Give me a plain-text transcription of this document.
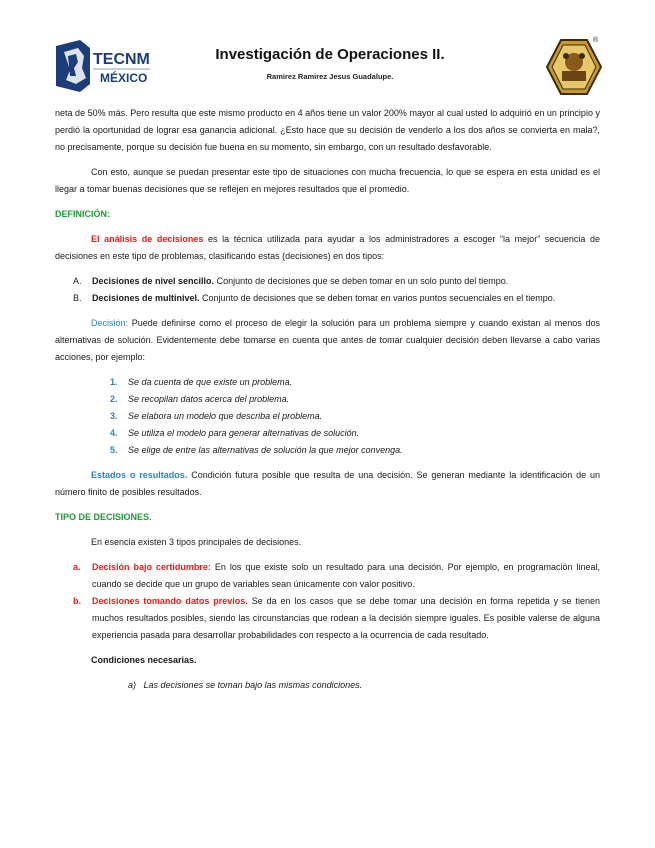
TECNM
MÉXICO
Investigación de Operaciones II.
Ramirez Ramirez Jesus Guadalupe.
®

neta de 50% más. Pero resulta que este mismo producto en 4 años tiene un valor 200% mayor al cual usted lo adquirió en un principio y perdió la oportunidad de lograr esa ganancia adicional. ¿Esto hace que su decisión de venderlo a los dos años se convierta en mala?, no precisamente, porque su decisión fue buena en su momento, sin embargo, con un resultado desfavorable.

Con esto, aunque se puedan presentar este tipo de situaciones con mucha frecuencia, lo que se espera en esta unidad es el llegar a tomar buenas decisiones que se reflejen en mejores resultados que el promedio.

DEFINICIÓN:

El análisis de decisiones es la técnica utilizada para ayudar a los administradores a escoger “la mejor” secuencia de decisiones en este tipo de problemas, clasificando estas (decisiones) en dos tipos:

A. Decisiones de nivel sencillo. Conjunto de decisiones que se deben tomar en un solo punto del tiempo.
B. Decisiones de multinivel. Conjunto de decisiones que se deben tomar en varios puntos secuenciales en el tiempo.

Decisión: Puede definirse como el proceso de elegir la solución para un problema siempre y cuando existan al menos dos alternativas de solución. Evidentemente debe tomarse en cuenta que antes de tomar cualquier decisión deben llevarse a cabo varias acciones, por ejemplo:

1. Se da cuenta de que existe un problema.
2. Se recopilan datos acerca del problema.
3. Se elabora un modelo que describa el problema.
4. Se utiliza el modelo para generar alternativas de solución.
5. Se elige de entre las alternativas de solución la que mejor convenga.

Estados o resultados. Condición futura posible que resulta de una decisión. Se generan mediante la identificación de un número finito de posibles resultados.

TIPO DE DECISIONES.

En esencia existen 3 tipos principales de decisiones.

a. Decisión bajo certidumbre: En los que existe solo un resultado para una decisión. Por ejemplo, en programación lineal, cuando se decide que un grupo de variables sean únicamente con valor positivo.
b. Decisiones tomando datos previos. Se da en los casos que se debe tomar una decisión en forma repetida y se tienen muchos resultados posibles, siendo las circunstancias que rodean a la decisión siempre iguales. Es posible valerse de alguna experiencia pasada para desarrollar probabilidades con respecto a la ocurrencia de cada resultado.
Condiciones necesarias.
a) Las decisiones se toman bajo las mismas condiciones.
